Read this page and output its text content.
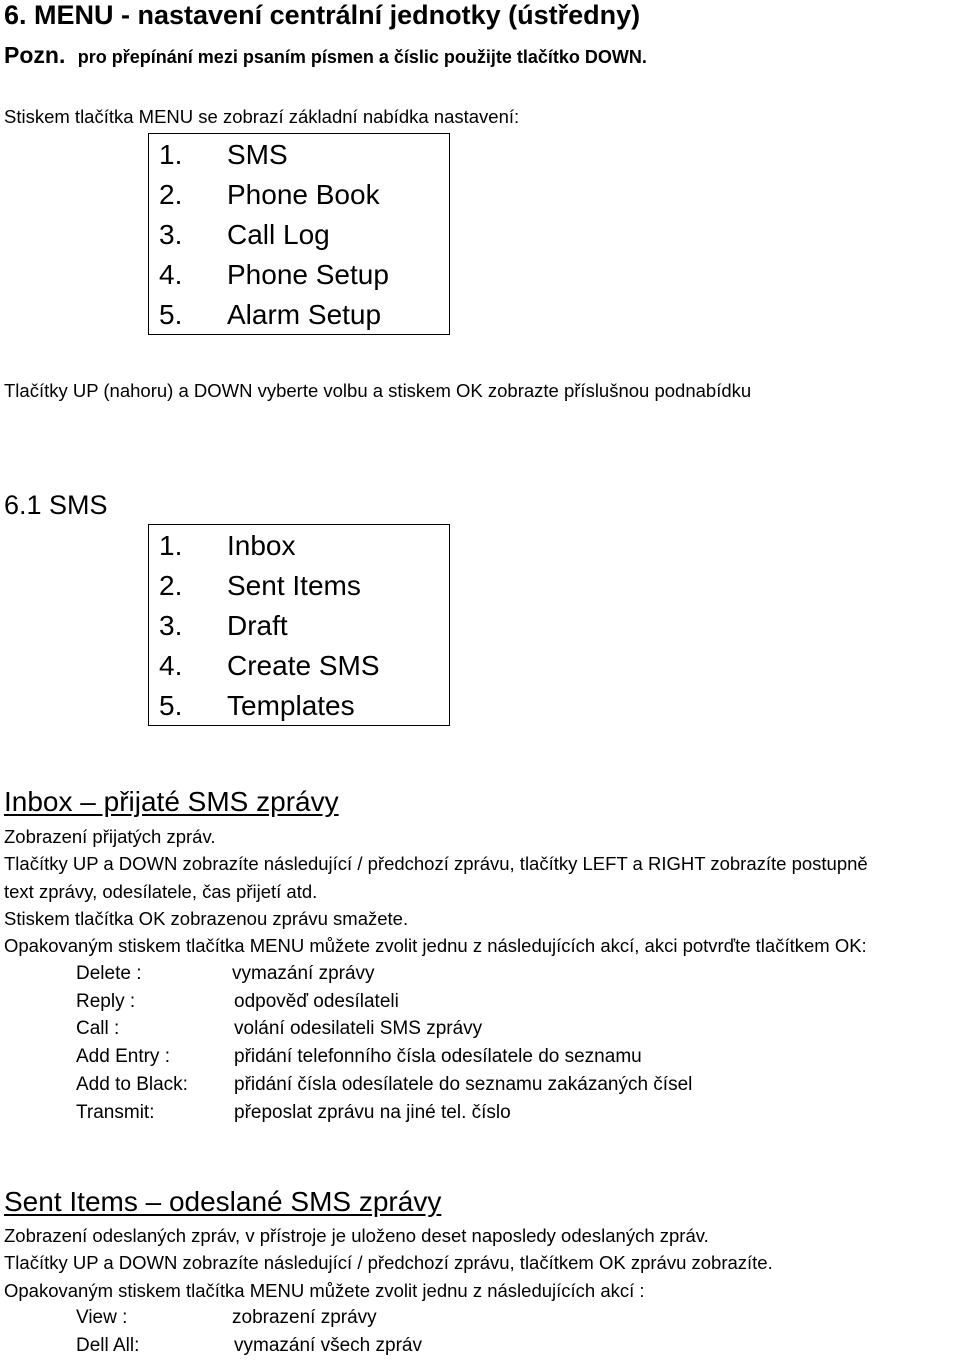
6. MENU - nastavení centrální jednotky (ústředny)
Pozn. pro přepínání mezi psaním písmen a číslic použijte tlačítko DOWN.
Stiskem tlačítka MENU se zobrazí základní nabídka nastavení:
1. SMS
2. Phone Book
3. Call Log
4. Phone Setup
5. Alarm Setup
Tlačítky UP (nahoru) a DOWN vyberte volbu a stiskem OK zobrazte příslušnou podnabídku
6.1 SMS
1. Inbox
2. Sent Items
3. Draft
4. Create SMS
5. Templates
Inbox – přijaté SMS zprávy
Zobrazení přijatých zpráv.
Tlačítky UP a DOWN zobrazíte následující / předchozí zprávu, tlačítky LEFT a RIGHT zobrazíte postupně
text zprávy, odesílatele, čas přijetí atd.
Stiskem tlačítka OK zobrazenou zprávu smažete.
Opakovaným stiskem tlačítka MENU můžete zvolit jednu z následujících akcí, akci potvrďte tlačítkem OK:
Delete :	vymazání zprávy
Reply :	odpověď odesílateli
Call :	volání odesilateli SMS zprávy
Add Entry :	přidání telefonního čísla odesílatele do seznamu
Add to Black: přidání čísla odesílatele do seznamu zakázaných čísel
Transmit:	přeposlat zprávu na jiné tel. číslo
Sent Items – odeslané SMS zprávy
Zobrazení odeslaných zpráv, v přístroje je uloženo deset naposledy odeslaných zpráv.
Tlačítky UP a DOWN zobrazíte následující / předchozí zprávu, tlačítkem OK zprávu zobrazíte.
Opakovaným stiskem tlačítka MENU můžete zvolit jednu z následujících akcí :
View :	zobrazení zprávy
Dell All:	vymazání všech zpráv
